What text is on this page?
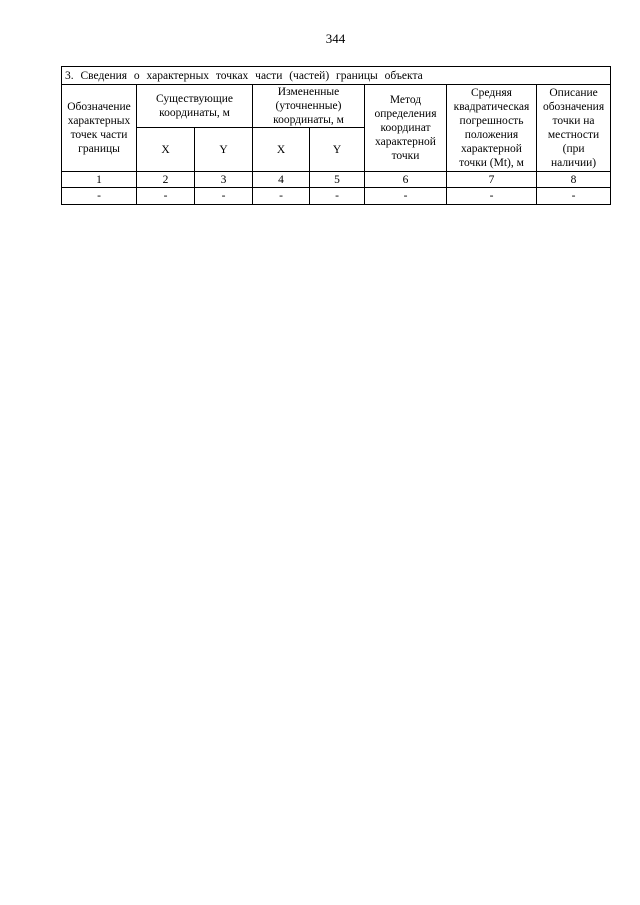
344
3. Сведения о характерных точках части (частей) границы объекта							
Обозначение характерных точек части границы	Существующие координаты, м		Измененные (уточненные) координаты, м		Метод определения координат характерной точки	Средняя квадратическая погрешность положения характерной точки (Mt), м	Описание обозначения точки на местности (при наличии)
	X	Y	X	Y			
1	2	3	4	5	6	7	8
-	-	-	-	-	-	-	-
